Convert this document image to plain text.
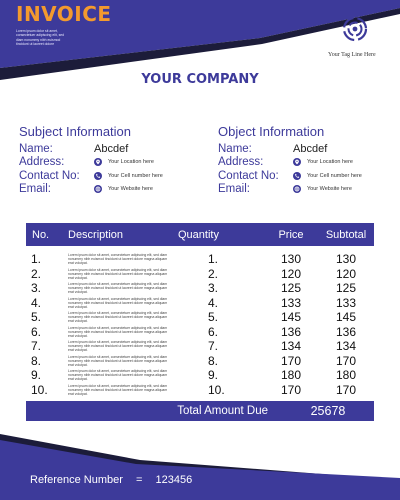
INVOICE
Lorem ipsum dolor sit amet,
consectetuer adipiscing elit, sed
diam nonummy nibh euismod
tincidunt ut laoreet dolore
Your Tag Line Here
YOUR COMPANY
Subject Information
Name:	Abcdef
Address:	Your Location here
Contact No:	Your Cell number here
Email:	Your Website here
Object Information
Name:	Abcdef
Address:	Your Location here
Contact No:	Your Cell number here
Email:	Your Website here
No.	Description	Quantity	Price	Subtotal
1.	Lorem ipsum dolor sit amet, consectetuer adipiscing elit, sed diam nonummy nibh euismod tincidunt ut laoreet dolore magna aliquam erat volutpat.	1.	130	130
2.	Lorem ipsum dolor sit amet, consectetuer adipiscing elit, sed diam nonummy nibh euismod tincidunt ut laoreet dolore magna aliquam erat volutpat.	2.	120	120
3.	Lorem ipsum dolor sit amet, consectetuer adipiscing elit, sed diam nonummy nibh euismod tincidunt ut laoreet dolore magna aliquam erat volutpat.	3.	125	125
4.	Lorem ipsum dolor sit amet, consectetuer adipiscing elit, sed diam nonummy nibh euismod tincidunt ut laoreet dolore magna aliquam erat volutpat.	4.	133	133
5.	Lorem ipsum dolor sit amet, consectetuer adipiscing elit, sed diam nonummy nibh euismod tincidunt ut laoreet dolore magna aliquam erat volutpat.	5.	145	145
6.	Lorem ipsum dolor sit amet, consectetuer adipiscing elit, sed diam nonummy nibh euismod tincidunt ut laoreet dolore magna aliquam erat volutpat.	6.	136	136
7.	Lorem ipsum dolor sit amet, consectetuer adipiscing elit, sed diam nonummy nibh euismod tincidunt ut laoreet dolore magna aliquam erat volutpat.	7.	134	134
8.	Lorem ipsum dolor sit amet, consectetuer adipiscing elit, sed diam nonummy nibh euismod tincidunt ut laoreet dolore magna aliquam erat volutpat.	8.	170	170
9.	Lorem ipsum dolor sit amet, consectetuer adipiscing elit, sed diam nonummy nibh euismod tincidunt ut laoreet dolore magna aliquam erat volutpat.	9.	180	180
10.	Lorem ipsum dolor sit amet, consectetuer adipiscing elit, sed diam nonummy nibh euismod tincidunt ut laoreet dolore magna aliquam erat volutpat.	10.	170	170
Total Amount Due	25678
Reference Number = 123456
